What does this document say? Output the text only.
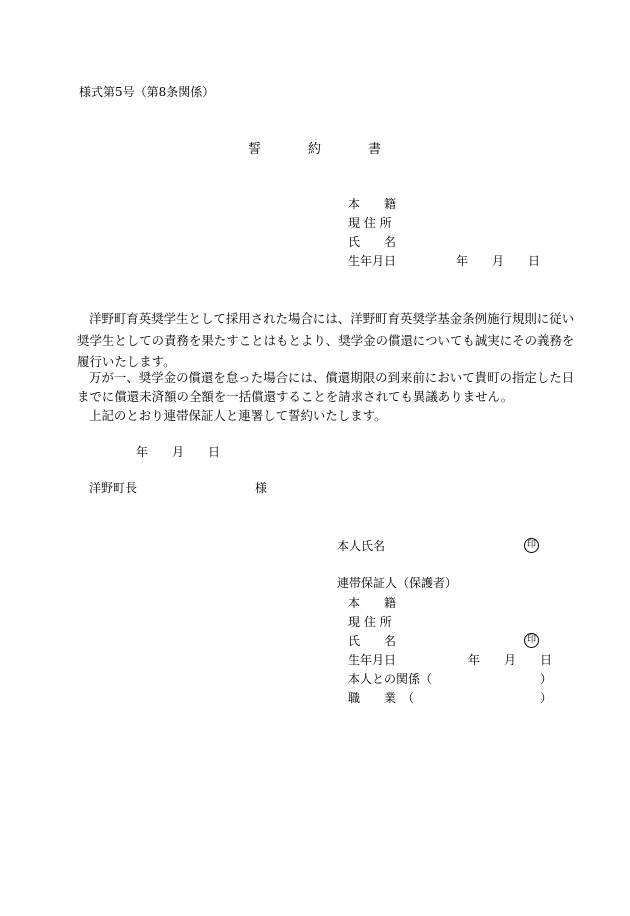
様式第5号（第8条関係）
誓	約	書
本　　籍
現 住 所
氏　　名
生年月日	年 月 日
洋野町育英奨学生として採用された場合には、洋野町育英奨学基金条例施行規則に従い
奨学生としての責務を果たすことはもとより、奨学金の償還についても誠実にその義務を
履行いたします。
万が一、奨学金の償還を怠った場合には、償還期限の到来前において貴町の指定した日
までに償還未済額の全額を一括償還することを請求されても異議ありません。
上記のとおり連帯保証人と連署して誓約いたします。
年 月 日
洋野町長	様
本人氏名	印
連帯保証人（保護者）
本　　籍
現 住 所
氏　　名	印
生年月日	年 月 日
本人との関係（	）
職　　業　（	）
